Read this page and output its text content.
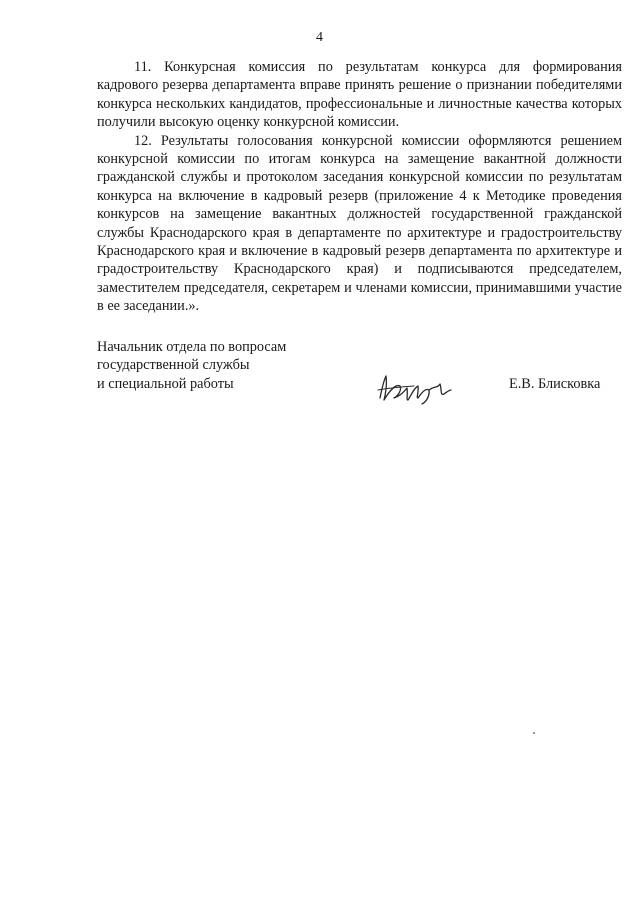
4

11. Конкурсная комиссия по результатам конкурса для формирования кадрового резерва департамента вправе принять решение о признании победителями конкурса нескольких кандидатов, профессиональные и личностные качества которых получили высокую оценку конкурсной комиссии.

12. Результаты голосования конкурсной комиссии оформляются решением конкурсной комиссии по итогам конкурса на замещение вакантной должности гражданской службы и протоколом заседания конкурсной комиссии по результатам конкурса на включение в кадровый резерв (приложение 4 к Методике проведения конкурсов на замещение вакантных должностей государственной гражданской службы Краснодарского края в департаменте по архитектуре и градостроительству Краснодарского края и включение в кадровый резерв департамента по архитектуре и градостроительству Краснодарского края) и подписываются председателем, заместителем председателя, секретарем и членами комиссии, принимавшими участие в ее заседании.».

Начальник отдела по вопросам
государственной службы
и специальной работы	Е.В. Блисковка
